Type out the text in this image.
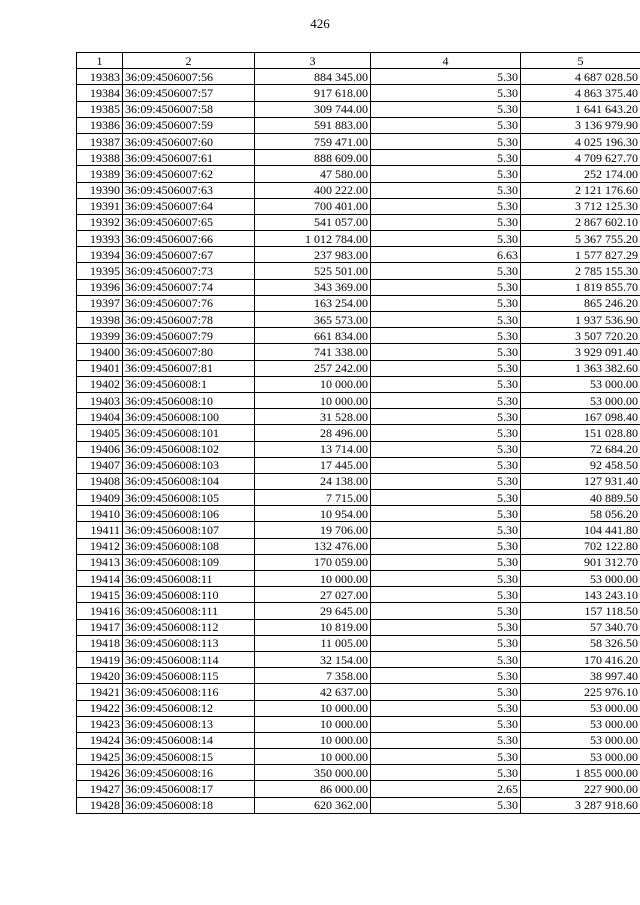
426
1	2	3	4	5
19383	36:09:4506007:56	884 345.00	5.30	4 687 028.50
19384	36:09:4506007:57	917 618.00	5.30	4 863 375.40
19385	36:09:4506007:58	309 744.00	5.30	1 641 643.20
19386	36:09:4506007:59	591 883.00	5.30	3 136 979.90
19387	36:09:4506007:60	759 471.00	5.30	4 025 196.30
19388	36:09:4506007:61	888 609.00	5.30	4 709 627.70
19389	36:09:4506007:62	47 580.00	5.30	252 174.00
19390	36:09:4506007:63	400 222.00	5.30	2 121 176.60
19391	36:09:4506007:64	700 401.00	5.30	3 712 125.30
19392	36:09:4506007:65	541 057.00	5.30	2 867 602.10
19393	36:09:4506007:66	1 012 784.00	5.30	5 367 755.20
19394	36:09:4506007:67	237 983.00	6.63	1 577 827.29
19395	36:09:4506007:73	525 501.00	5.30	2 785 155.30
19396	36:09:4506007:74	343 369.00	5.30	1 819 855.70
19397	36:09:4506007:76	163 254.00	5.30	865 246.20
19398	36:09:4506007:78	365 573.00	5.30	1 937 536.90
19399	36:09:4506007:79	661 834.00	5.30	3 507 720.20
19400	36:09:4506007:80	741 338.00	5.30	3 929 091.40
19401	36:09:4506007:81	257 242.00	5.30	1 363 382.60
19402	36:09:4506008:1	10 000.00	5.30	53 000.00
19403	36:09:4506008:10	10 000.00	5.30	53 000.00
19404	36:09:4506008:100	31 528.00	5.30	167 098.40
19405	36:09:4506008:101	28 496.00	5.30	151 028.80
19406	36:09:4506008:102	13 714.00	5.30	72 684.20
19407	36:09:4506008:103	17 445.00	5.30	92 458.50
19408	36:09:4506008:104	24 138.00	5.30	127 931.40
19409	36:09:4506008:105	7 715.00	5.30	40 889.50
19410	36:09:4506008:106	10 954.00	5.30	58 056.20
19411	36:09:4506008:107	19 706.00	5.30	104 441.80
19412	36:09:4506008:108	132 476.00	5.30	702 122.80
19413	36:09:4506008:109	170 059.00	5.30	901 312.70
19414	36:09:4506008:11	10 000.00	5.30	53 000.00
19415	36:09:4506008:110	27 027.00	5.30	143 243.10
19416	36:09:4506008:111	29 645.00	5.30	157 118.50
19417	36:09:4506008:112	10 819.00	5.30	57 340.70
19418	36:09:4506008:113	11 005.00	5.30	58 326.50
19419	36:09:4506008:114	32 154.00	5.30	170 416.20
19420	36:09:4506008:115	7 358.00	5.30	38 997.40
19421	36:09:4506008:116	42 637.00	5.30	225 976.10
19422	36:09:4506008:12	10 000.00	5.30	53 000.00
19423	36:09:4506008:13	10 000.00	5.30	53 000.00
19424	36:09:4506008:14	10 000.00	5.30	53 000.00
19425	36:09:4506008:15	10 000.00	5.30	53 000.00
19426	36:09:4506008:16	350 000.00	5.30	1 855 000.00
19427	36:09:4506008:17	86 000.00	2.65	227 900.00
19428	36:09:4506008:18	620 362.00	5.30	3 287 918.60
